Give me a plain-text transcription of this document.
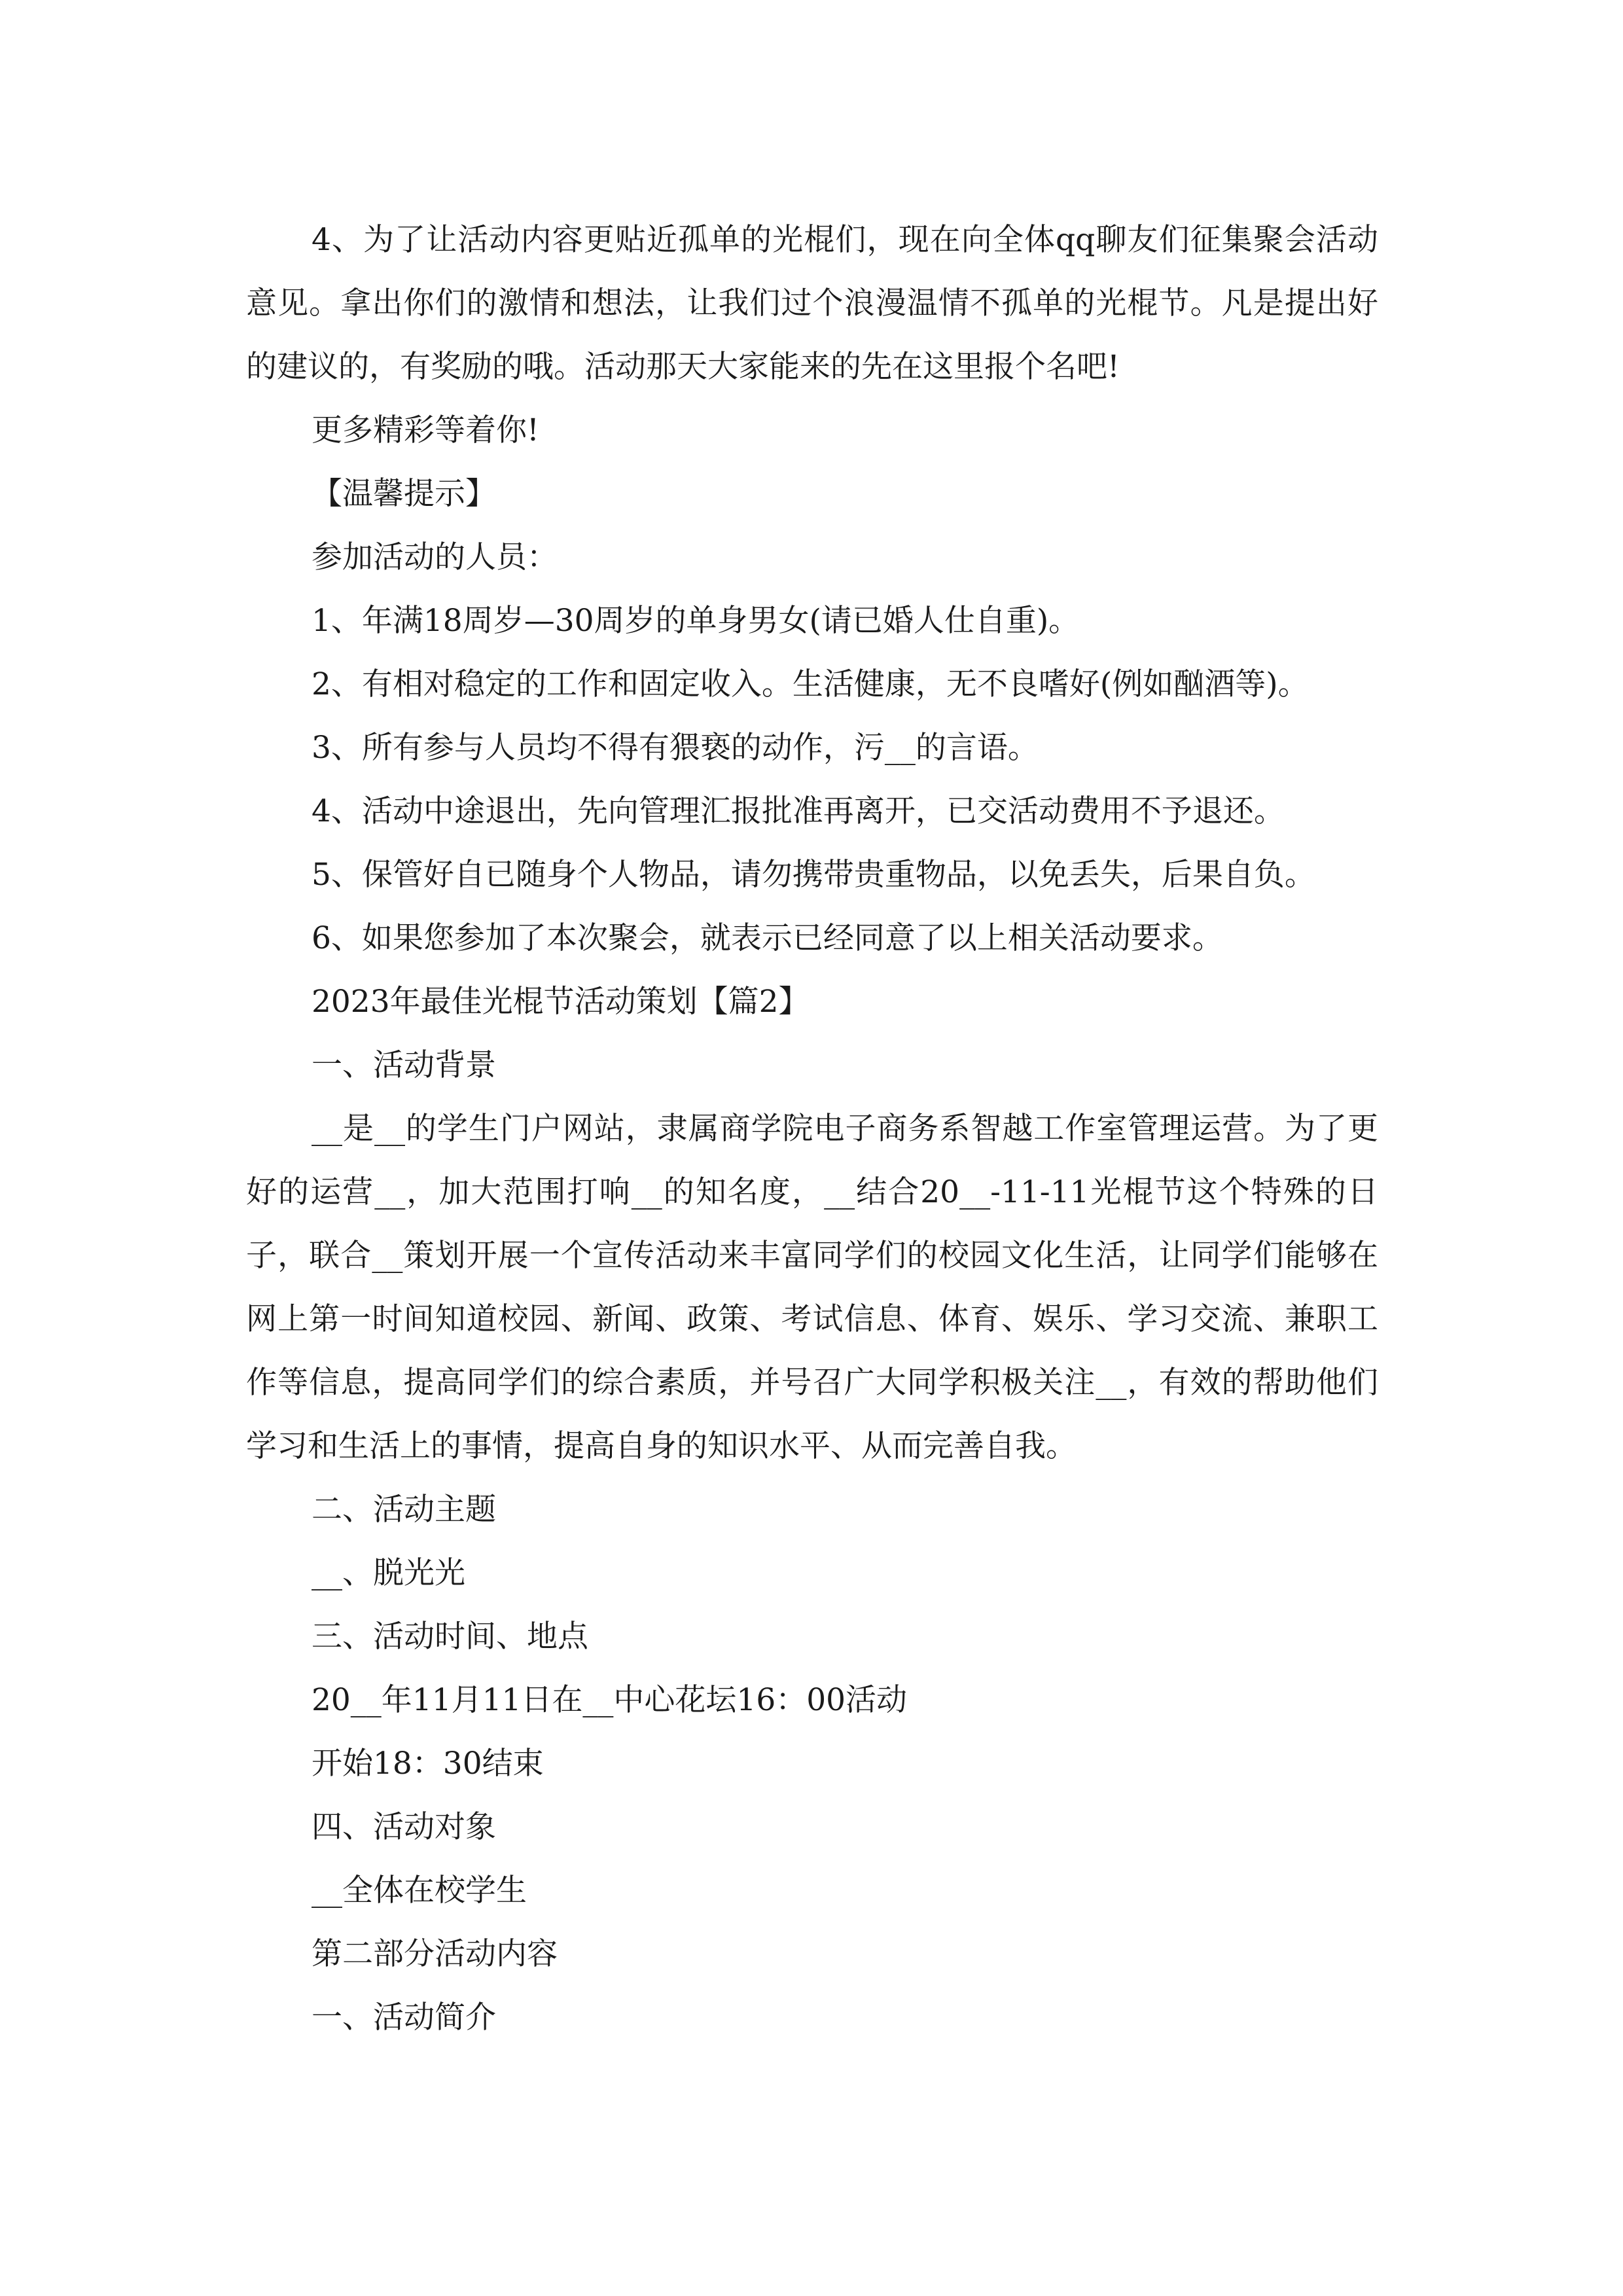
4、为了让活动内容更贴近孤单的光棍们，现在向全体qq聊友们征集聚会活动意见。拿出你们的激情和想法，让我们过个浪漫温情不孤单的光棍节。凡是提出好的建议的，有奖励的哦。活动那天大家能来的先在这里报个名吧!

更多精彩等着你!

【温馨提示】

参加活动的人员：

1、年满18周岁—30周岁的单身男女(请已婚人仕自重)。

2、有相对稳定的工作和固定收入。生活健康，无不良嗜好(例如酗酒等)。

3、所有参与人员均不得有猥亵的动作，污__的言语。

4、活动中途退出，先向管理汇报批准再离开，已交活动费用不予退还。

5、保管好自已随身个人物品，请勿携带贵重物品，以免丢失，后果自负。

6、如果您参加了本次聚会，就表示已经同意了以上相关活动要求。

2023年最佳光棍节活动策划【篇2】

一、活动背景

__是__的学生门户网站，隶属商学院电子商务系智越工作室管理运营。为了更好的运营__，加大范围打响__的知名度，__结合20__-11-11光棍节这个特殊的日子，联合__策划开展一个宣传活动来丰富同学们的校园文化生活，让同学们能够在网上第一时间知道校园、新闻、政策、考试信息、体育、娱乐、学习交流、兼职工作等信息，提高同学们的综合素质，并号召广大同学积极关注__，有效的帮助他们学习和生活上的事情，提高自身的知识水平、从而完善自我。

二、活动主题

__、脱光光

三、活动时间、地点

20__年11月11日在__中心花坛16：00活动

开始18：30结束

四、活动对象

__全体在校学生

第二部分活动内容

一、活动简介
